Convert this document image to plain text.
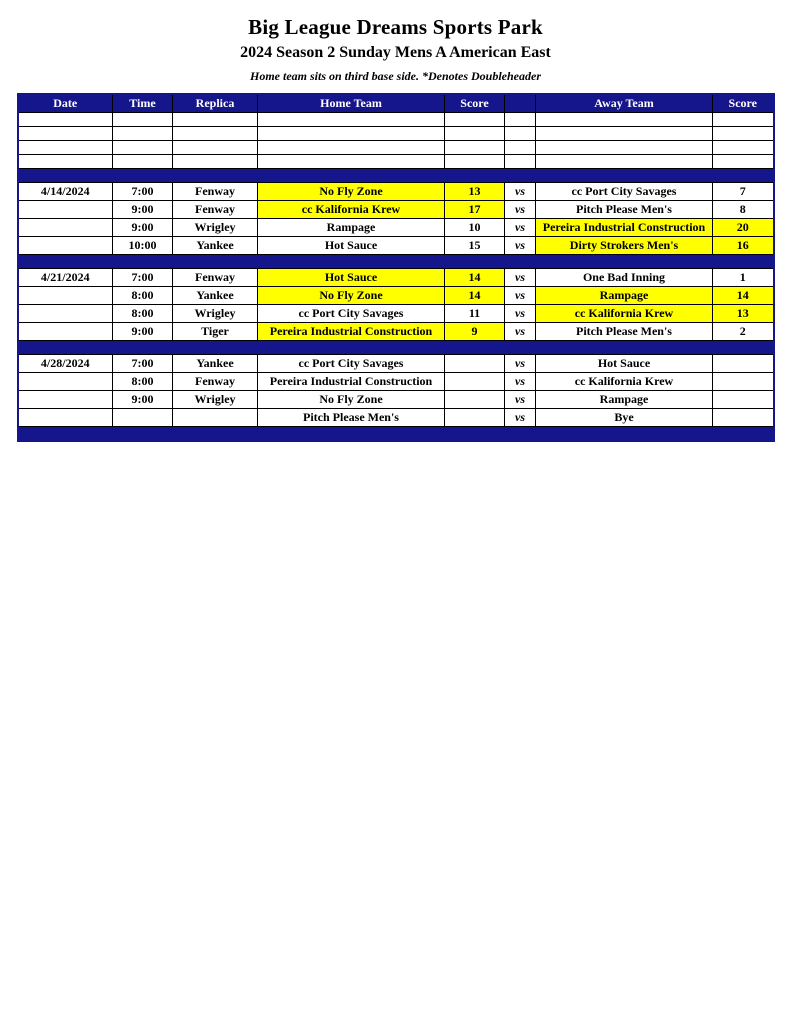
Big League Dreams Sports Park
2024 Season 2 Sunday Mens A American East
Home team sits on third base side. *Denotes Doubleheader
Date	Time	Replica	Home Team	Score		Away Team	Score

4/14/2024	7:00	Fenway	No Fly Zone	13	vs	cc Port City Savages	7
	9:00	Fenway	cc Kalifornia Krew	17	vs	Pitch Please Men's	8
	9:00	Wrigley	Rampage	10	vs	Pereira Industrial Construction	20
	10:00	Yankee	Hot Sauce	15	vs	Dirty Strokers Men's	16

4/21/2024	7:00	Fenway	Hot Sauce	14	vs	One Bad Inning	1
	8:00	Yankee	No Fly Zone	14	vs	Rampage	14
	8:00	Wrigley	cc Port City Savages	11	vs	cc Kalifornia Krew	13
	9:00	Tiger	Pereira Industrial Construction	9	vs	Pitch Please Men's	2

4/28/2024	7:00	Yankee	cc Port City Savages		vs	Hot Sauce	
	8:00	Fenway	Pereira Industrial Construction		vs	cc Kalifornia Krew	
	9:00	Wrigley	No Fly Zone		vs	Rampage	
			Pitch Please Men's		vs	Bye	
